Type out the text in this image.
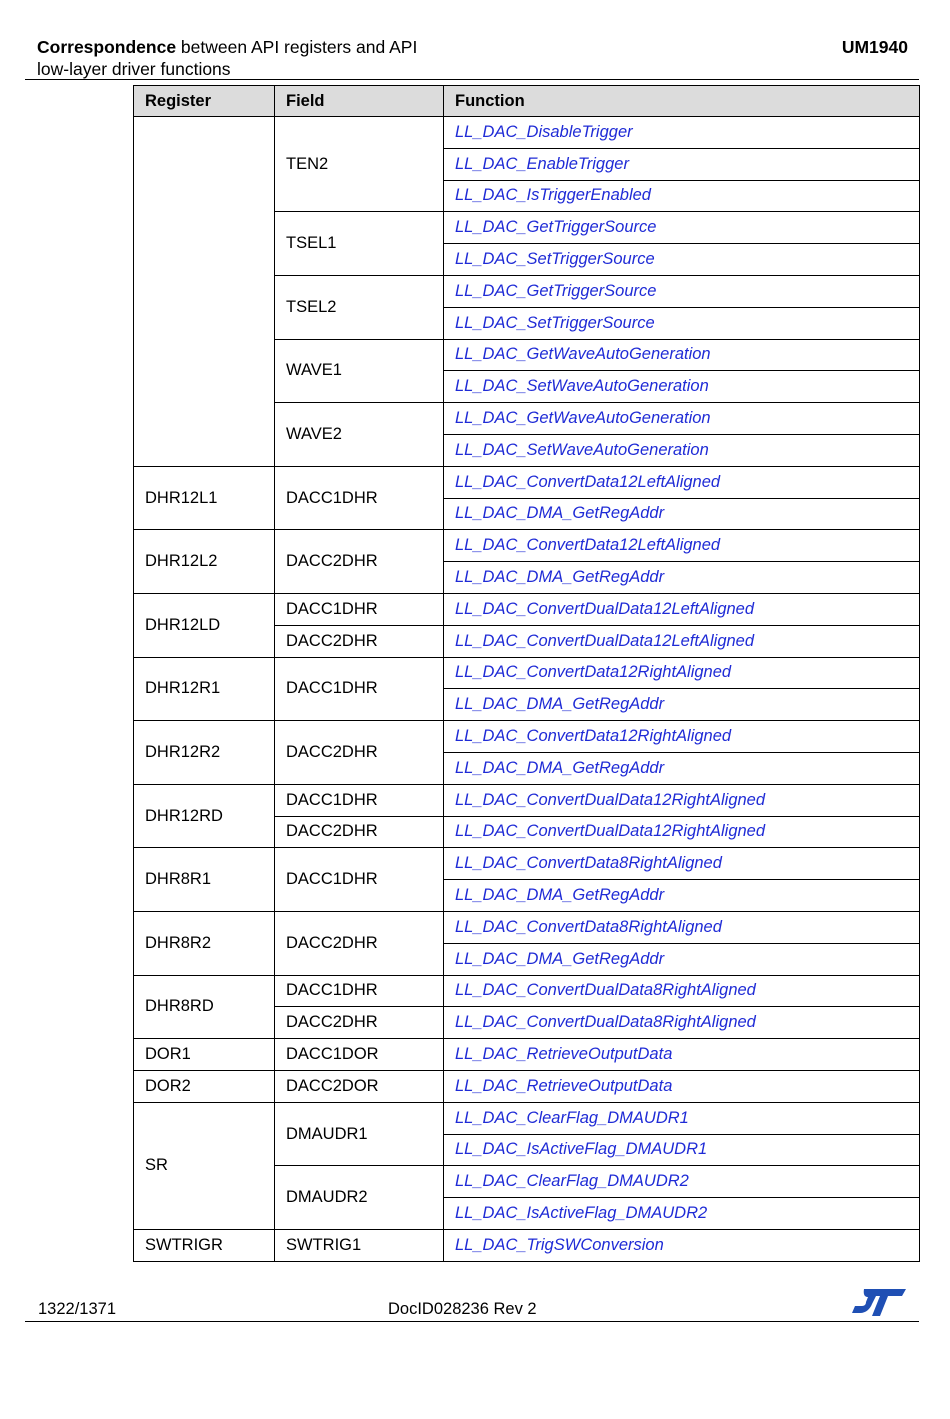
Correspondence between API registers and API
low-layer driver functions
UM1940
Register	Field	Function
	TEN2	LL_DAC_DisableTrigger
		LL_DAC_EnableTrigger
		LL_DAC_IsTriggerEnabled
	TSEL1	LL_DAC_GetTriggerSource
		LL_DAC_SetTriggerSource
	TSEL2	LL_DAC_GetTriggerSource
		LL_DAC_SetTriggerSource
	WAVE1	LL_DAC_GetWaveAutoGeneration
		LL_DAC_SetWaveAutoGeneration
	WAVE2	LL_DAC_GetWaveAutoGeneration
		LL_DAC_SetWaveAutoGeneration
DHR12L1	DACC1DHR	LL_DAC_ConvertData12LeftAligned
		LL_DAC_DMA_GetRegAddr
DHR12L2	DACC2DHR	LL_DAC_ConvertData12LeftAligned
		LL_DAC_DMA_GetRegAddr
DHR12LD	DACC1DHR	LL_DAC_ConvertDualData12LeftAligned
	DACC2DHR	LL_DAC_ConvertDualData12LeftAligned
DHR12R1	DACC1DHR	LL_DAC_ConvertData12RightAligned
		LL_DAC_DMA_GetRegAddr
DHR12R2	DACC2DHR	LL_DAC_ConvertData12RightAligned
		LL_DAC_DMA_GetRegAddr
DHR12RD	DACC1DHR	LL_DAC_ConvertDualData12RightAligned
	DACC2DHR	LL_DAC_ConvertDualData12RightAligned
DHR8R1	DACC1DHR	LL_DAC_ConvertData8RightAligned
		LL_DAC_DMA_GetRegAddr
DHR8R2	DACC2DHR	LL_DAC_ConvertData8RightAligned
		LL_DAC_DMA_GetRegAddr
DHR8RD	DACC1DHR	LL_DAC_ConvertDualData8RightAligned
	DACC2DHR	LL_DAC_ConvertDualData8RightAligned
DOR1	DACC1DOR	LL_DAC_RetrieveOutputData
DOR2	DACC2DOR	LL_DAC_RetrieveOutputData
SR	DMAUDR1	LL_DAC_ClearFlag_DMAUDR1
		LL_DAC_IsActiveFlag_DMAUDR1
	DMAUDR2	LL_DAC_ClearFlag_DMAUDR2
		LL_DAC_IsActiveFlag_DMAUDR2
SWTRIGR	SWTRIG1	LL_DAC_TrigSWConversion
1322/1371	DocID028236 Rev 2
